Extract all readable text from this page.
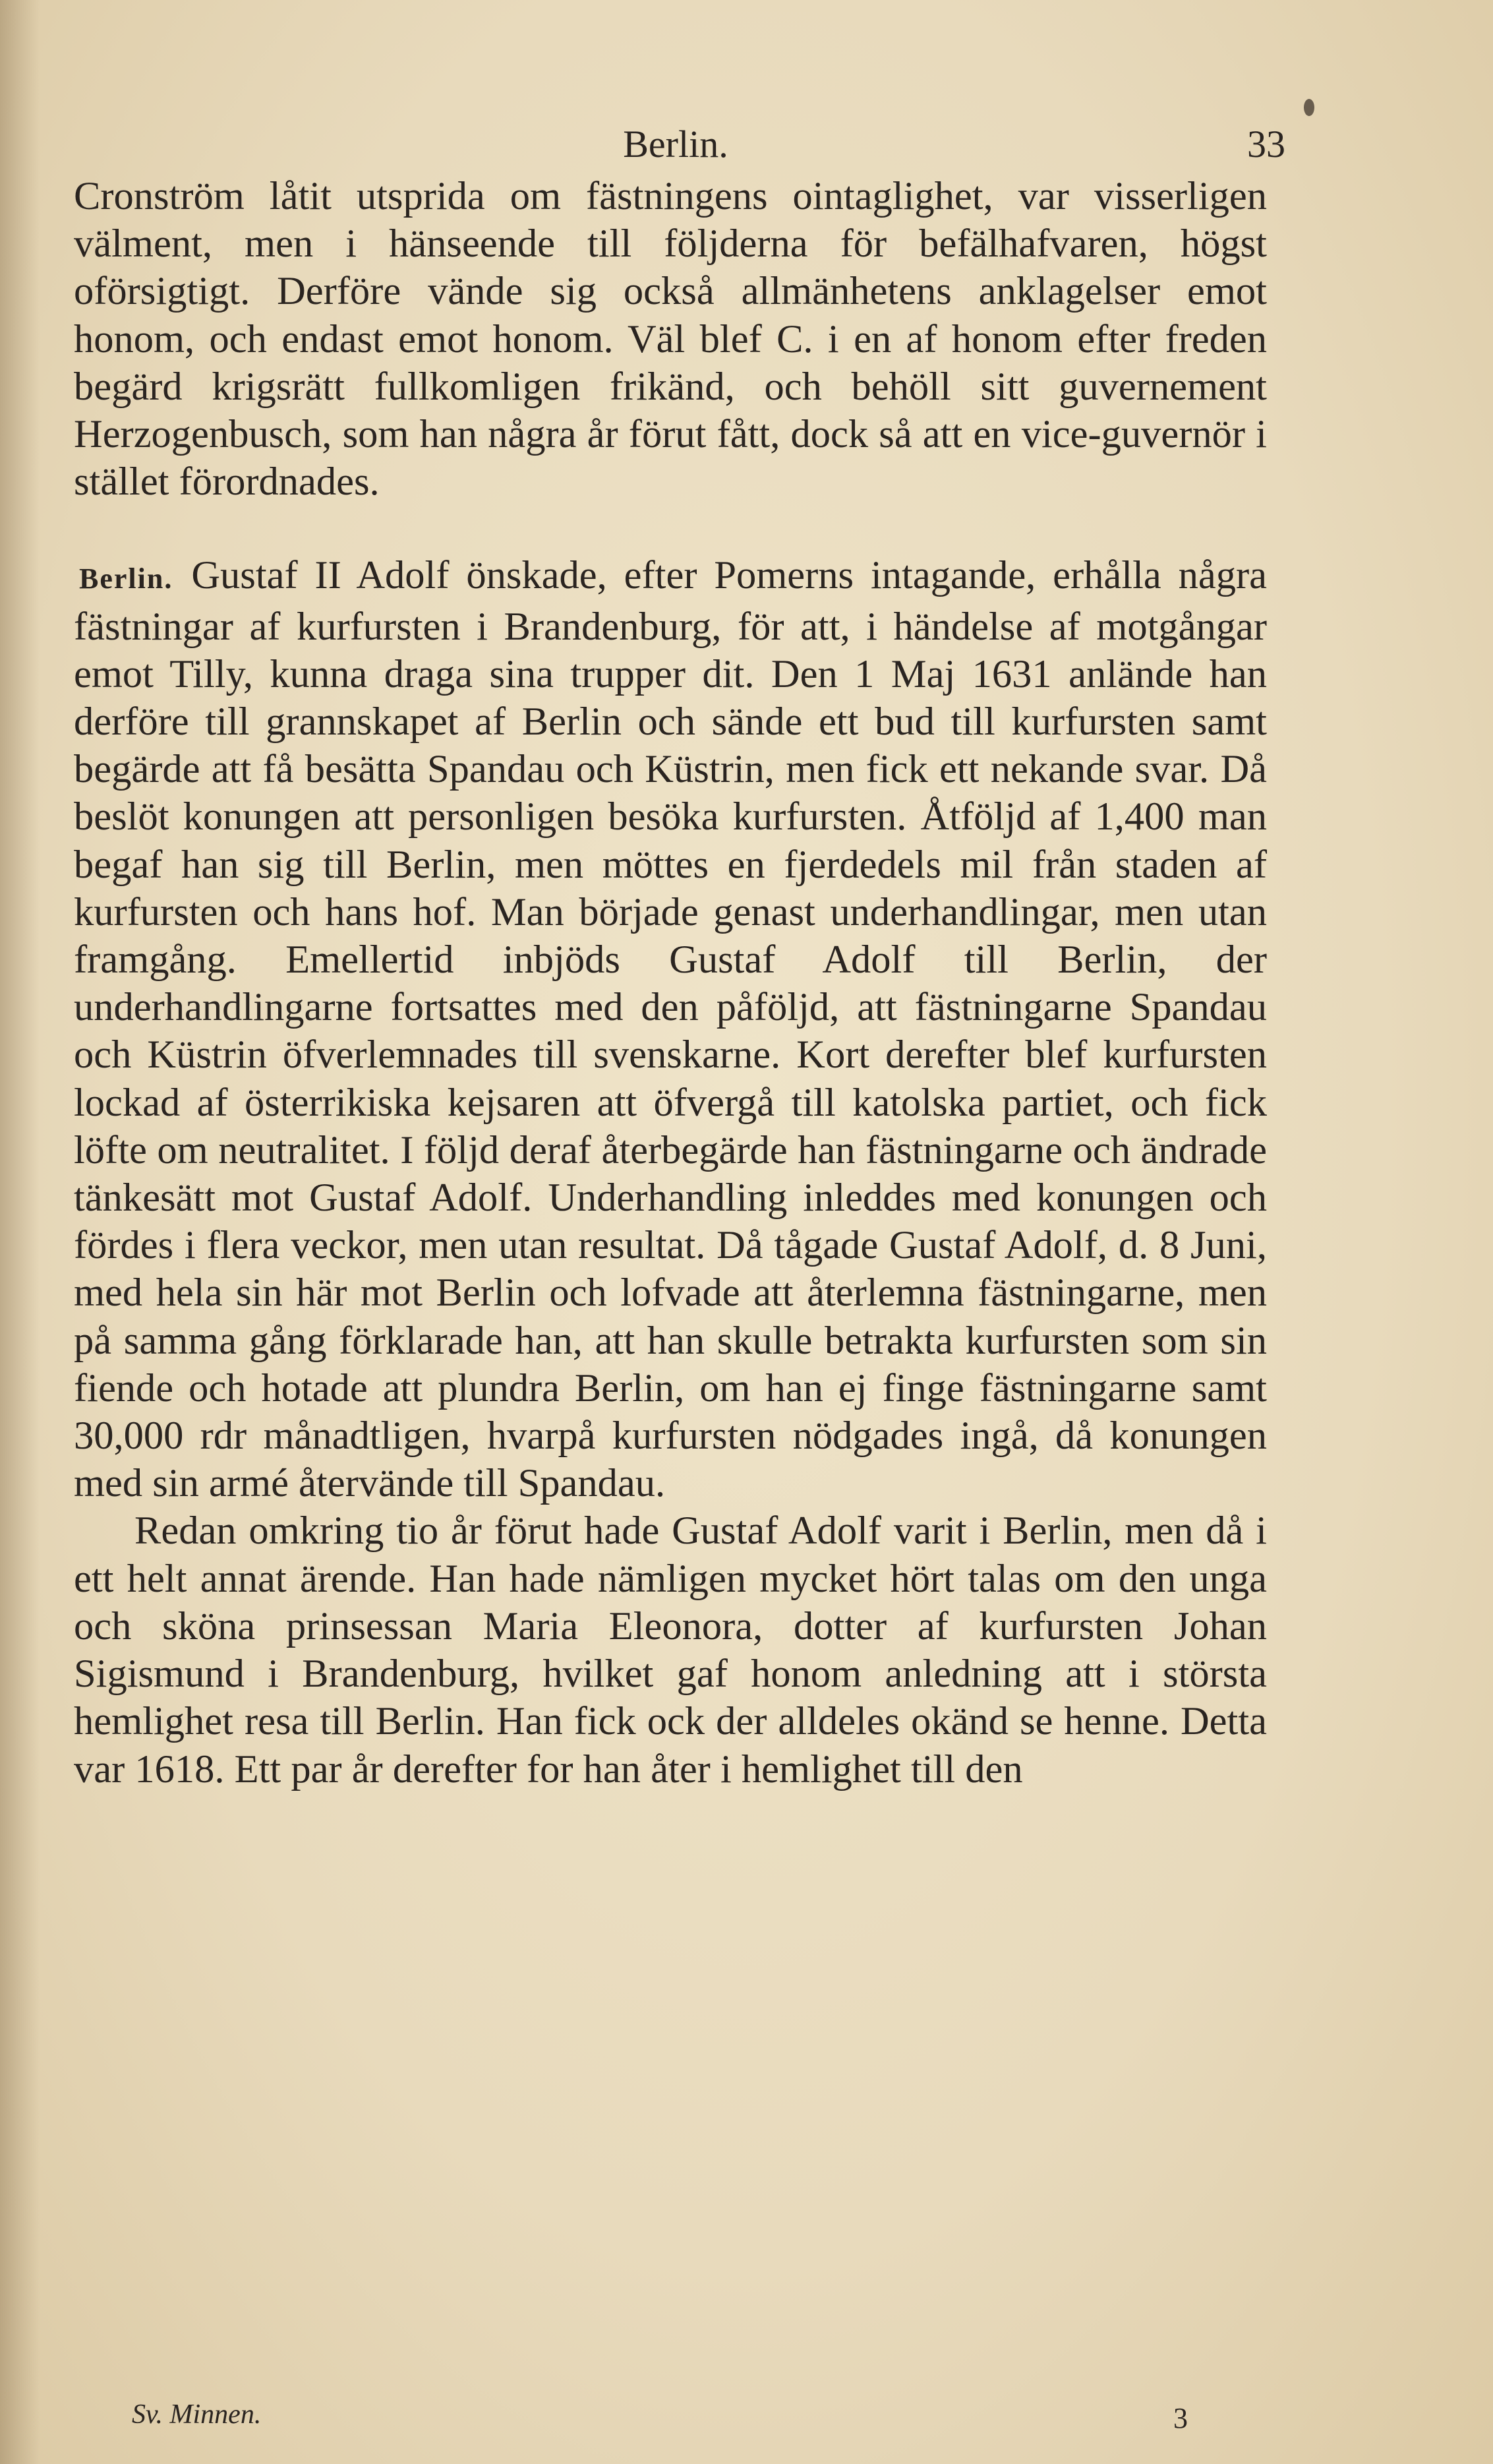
Berlin.	33

Cronström låtit utsprida om fästningens ointaglighet, var visserligen välment, men i hänseende till följderna för befälhafvaren, högst oförsigtigt. Derföre vände sig också allmänhetens anklagelser emot honom, och endast emot honom. Väl blef C. i en af honom efter freden begärd krigsrätt fullkomligen frikänd, och behöll sitt guvernement Herzogenbusch, som han några år förut fått, dock så att en vice-guvernör i stället förordnades.

Berlin. Gustaf II Adolf önskade, efter Pomerns intagande, erhålla några fästningar af kurfursten i Brandenburg, för att, i händelse af motgångar emot Tilly, kunna draga sina trupper dit. Den 1 Maj 1631 anlände han derföre till grannskapet af Berlin och sände ett bud till kurfursten samt begärde att få besätta Spandau och Küstrin, men fick ett nekande svar. Då beslöt konungen att personligen besöka kurfursten. Åtföljd af 1,400 man begaf han sig till Berlin, men möttes en fjerdedels mil från staden af kurfursten och hans hof. Man började genast underhandlingar, men utan framgång. Emellertid inbjöds Gustaf Adolf till Berlin, der underhandlingarne fortsattes med den påföljd, att fästningarne Spandau och Küstrin öfverlemnades till svenskarne. Kort derefter blef kurfursten lockad af österrikiska kejsaren att öfvergå till katolska partiet, och fick löfte om neutralitet. I följd deraf återbegärde han fästningarne och ändrade tänkesätt mot Gustaf Adolf. Underhandling inleddes med konungen och fördes i flera veckor, men utan resultat. Då tågade Gustaf Adolf, d. 8 Juni, med hela sin här mot Berlin och lofvade att återlemna fästningarne, men på samma gång förklarade han, att han skulle betrakta kurfursten som sin fiende och hotade att plundra Berlin, om han ej finge fästningarne samt 30,000 rdr månadtligen, hvarpå kurfursten nödgades ingå, då konungen med sin armé återvände till Spandau.

Redan omkring tio år förut hade Gustaf Adolf varit i Berlin, men då i ett helt annat ärende. Han hade nämligen mycket hört talas om den unga och sköna prinsessan Maria Eleonora, dotter af kurfursten Johan Sigismund i Brandenburg, hvilket gaf honom anledning att i största hemlighet resa till Berlin. Han fick ock der alldeles okänd se henne. Detta var 1618. Ett par år derefter for han åter i hemlighet till den

Sv. Minnen.	3
